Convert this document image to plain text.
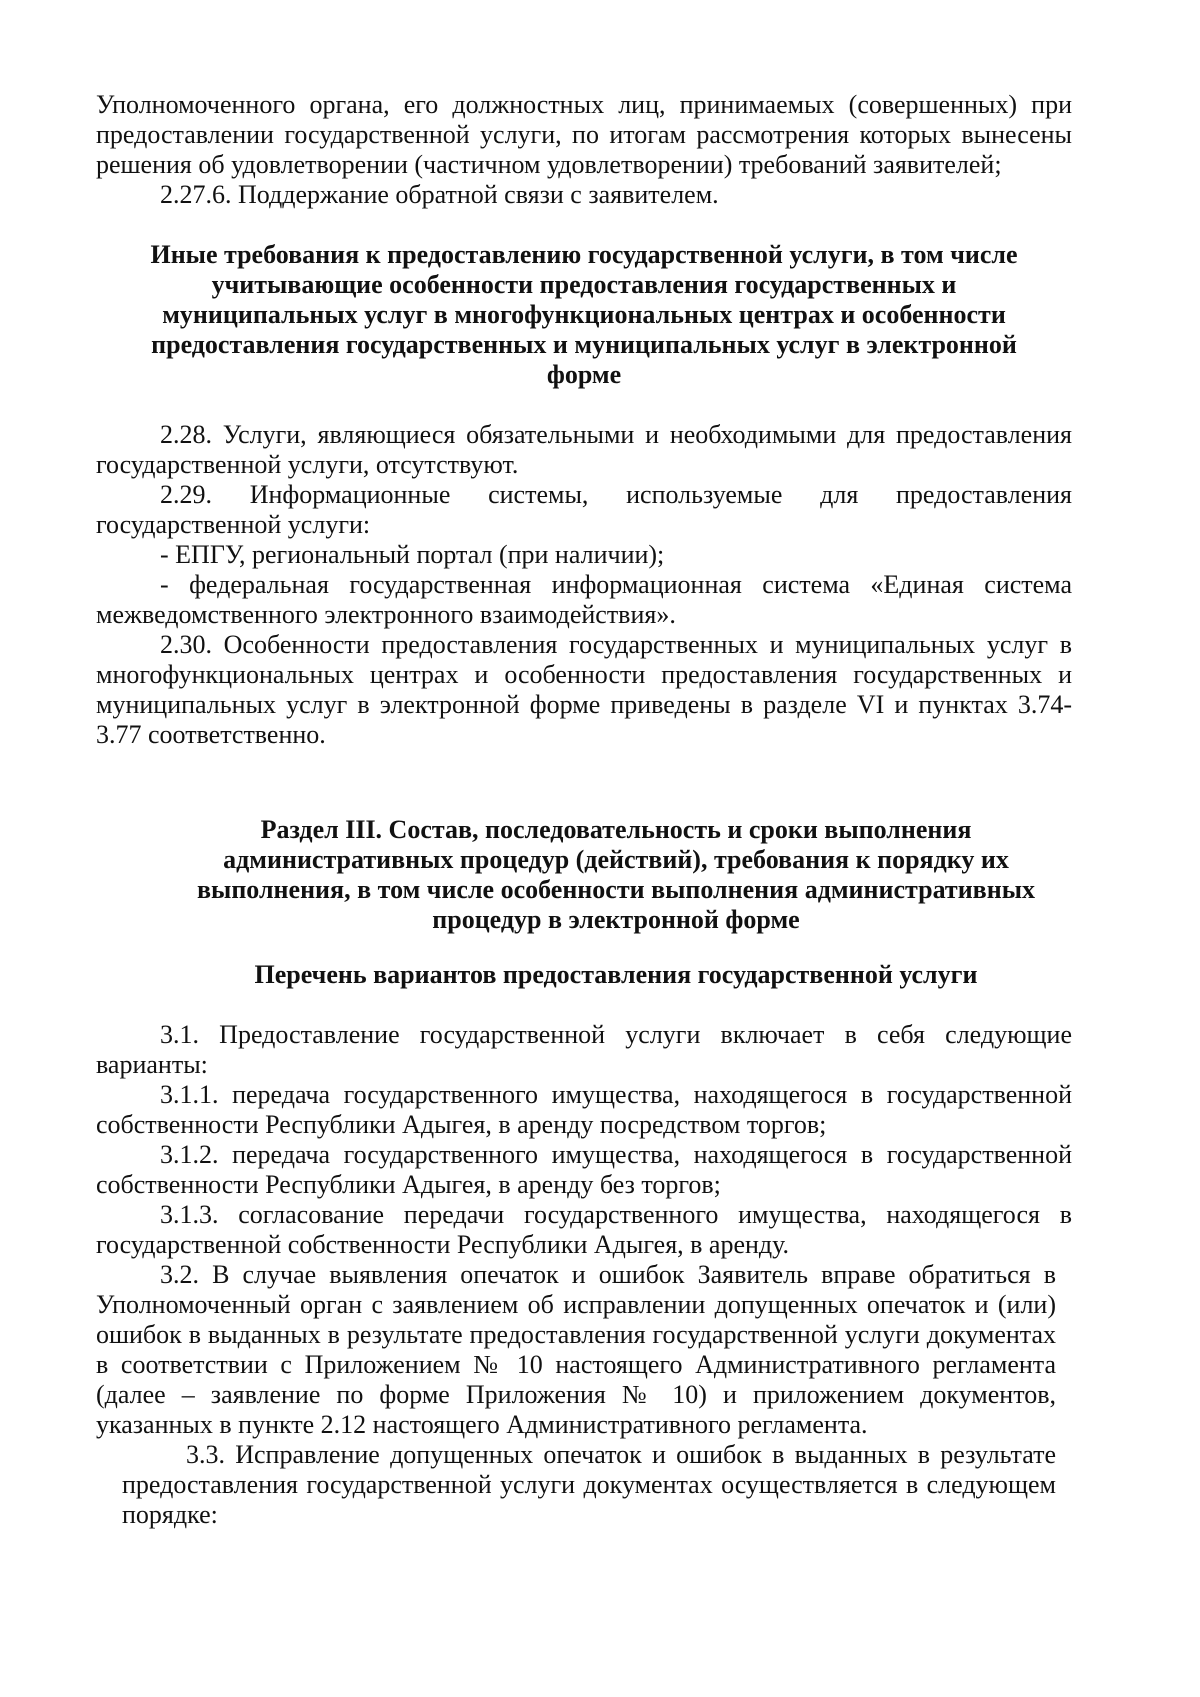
Уполномоченного органа, его должностных лиц, принимаемых (совершенных) при
предоставлении государственной услуги, по итогам рассмотрения которых вынесены
решения об удовлетворении (частичном удовлетворении) требований заявителей;
2.27.6. Поддержание обратной связи с заявителем.
Иные требования к предоставлению государственной услуги, в том числе
учитывающие особенности предоставления государственных и
муниципальных услуг в многофункциональных центрах и особенности
предоставления государственных и муниципальных услуг в электронной
форме
2.28. Услуги, являющиеся обязательными и необходимыми для предоставления
государственной услуги, отсутствуют.
2.29. Информационные системы, используемые для предоставления
государственной услуги:
- ЕПГУ, региональный портал (при наличии);
- федеральная государственная информационная система «Единая система
межведомственного электронного взаимодействия».
2.30. Особенности предоставления государственных и муниципальных услуг в
многофункциональных центрах и особенности предоставления государственных и
муниципальных услуг в электронной форме приведены в разделе VI и пунктах 3.74-
3.77 соответственно.
Раздел III. Состав, последовательность и сроки выполнения
административных процедур (действий), требования к порядку их
выполнения, в том числе особенности выполнения административных
процедур в электронной форме
Перечень вариантов предоставления государственной услуги
3.1. Предоставление государственной услуги включает в себя следующие
варианты:
3.1.1. передача государственного имущества, находящегося в государственной
собственности Республики Адыгея, в аренду посредством торгов;
3.1.2. передача государственного имущества, находящегося в государственной
собственности Республики Адыгея, в аренду без торгов;
3.1.3. согласование передачи государственного имущества, находящегося в
государственной собственности Республики Адыгея, в аренду.
3.2. В случае выявления опечаток и ошибок Заявитель вправе обратиться в
Уполномоченный орган с заявлением об исправлении допущенных опечаток и (или)
ошибок в выданных в результате предоставления государственной услуги документах
в соответствии с Приложением № 10 настоящего Административного регламента
(далее – заявление по форме Приложения № 10) и приложением документов,
указанных в пункте 2.12 настоящего Административного регламента.
3.3. Исправление допущенных опечаток и ошибок в выданных в результате
предоставления государственной услуги документах осуществляется в следующем
порядке:
